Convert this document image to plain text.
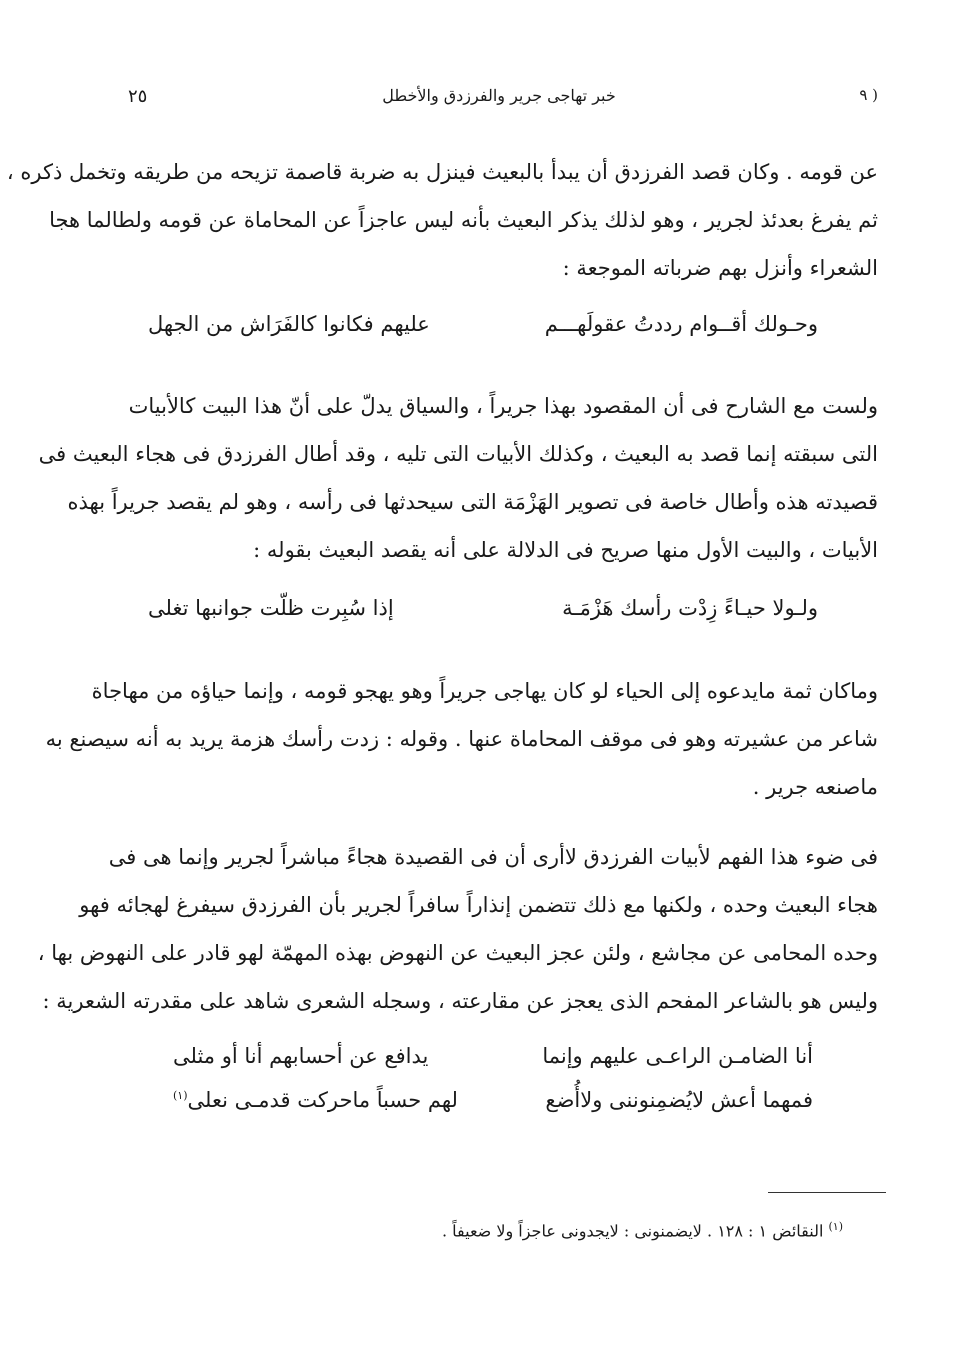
( ٩
خبر تهاجى جرير والفرزدق والأخطل
٢٥
عن قومه . وكان قصد الفرزدق أن يبدأ بالبعيث فينزل به ضربة قاصمة تزيحه من طريقه وتخمل ذكره ،
ثم يفرغ بعدئذ لجرير ، وهو لذلك يذكر البعيث بأنه ليس عاجزاً عن المحاماة عن قومه ولطالما هجا
الشعراء وأنزل بهم ضرباته الموجعة :
وحـولك أقــوام رددتُ عقولَهـــم
عليهم فكانوا كالفَرَاش من الجهل
ولست مع الشارح فى أن المقصود بهذا جريراً ، والسياق يدلّ على أنّ هذا البيت كالأبيات
التى سبقته إنما قصد به البعيث ، وكذلك الأبيات التى تليه ، وقد أطال الفرزدق فى هجاء البعيث فى
قصيدته هذه وأطال خاصة فى تصوير الهَزْمَة التى سيحدثها فى رأسه ، وهو لم يقصد جريراً بهذه
الأبيات ، والبيت الأول منها صريح فى الدلالة على أنه يقصد البعيث بقوله :
ولـولا حيـاءً زِدْت رأسك هَزْمَـة
إذا سُبِرت ظلّت جوانبها تغلى
وماكان ثمة مايدعوه إلى الحياء لو كان يهاجى جريراً وهو يهجو قومه ، وإنما حياؤه من مهاجاة
شاعر من عشيرته وهو فى موقف المحاماة عنها . وقوله : زدت رأسك هزمة يريد به أنه سيصنع به
ماصنعه جرير .
فى ضوء هذا الفهم لأبيات الفرزدق لاأرى أن فى القصيدة هجاءً مباشراً لجرير وإنما هى فى
هجاء البعيث وحده ، ولكنها مع ذلك تتضمن إنذاراً سافراً لجرير بأن الفرزدق سيفرغ لهجائه فهو
وحده المحامى عن مجاشع ، ولئن عجز البعيث عن النهوض بهذه المهمّة لهو قادر على النهوض بها ،
وليس هو بالشاعر المفحم الذى يعجز عن مقارعته ، وسجله الشعرى شاهد على مقدرته الشعرية :
أنا الضامـن الراعـى عليهم وإنما
يدافع عن أحسابهم أنا أو مثلى
فمهما أعش لايُضمِنوننى ولاأُضع
لهم حسباً ماحركت قدمـى نعلى$^{(١)}$
$^{(١)}$ النقائض ١ : ١٢٨ . لايضمنونى : لايجدونى عاجزاً ولا ضعيفاً .
